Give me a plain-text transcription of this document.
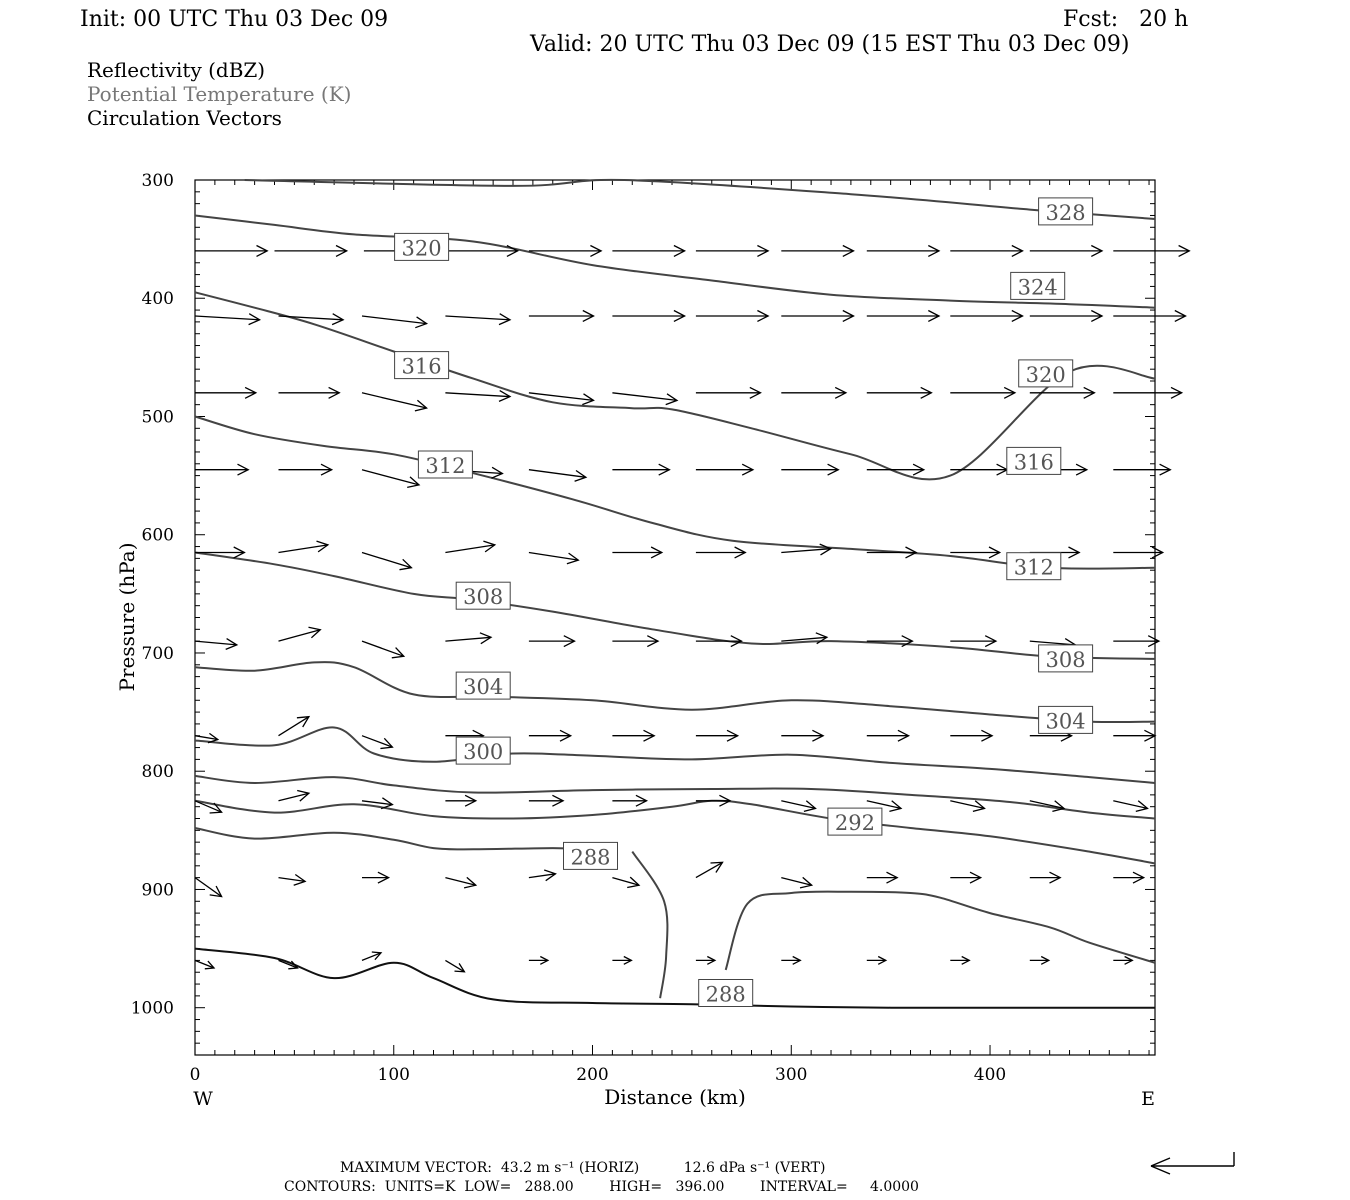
Init: 00 UTC Thu 03 Dec 09	Fcst:   20 h
Valid: 20 UTC Thu 03 Dec 09 (15 EST Thu 03 Dec 09)
Reflectivity (dBZ)
Potential Temperature (K)
Circulation Vectors
0	100	200	300	400
300
400
500
600
700
800
900
1000
328
320
324
316	320
312	316
308
312
308
304
304
300
292
288
288
Distance (km)
Pressure (hPa)
W	E
MAXIMUM VECTOR:  43.2 m s⁻¹ (HORIZ)          12.6 dPa s⁻¹ (VERT)
CONTOURS:  UNITS=K  LOW=   288.00        HIGH=   396.00        INTERVAL=     4.0000
